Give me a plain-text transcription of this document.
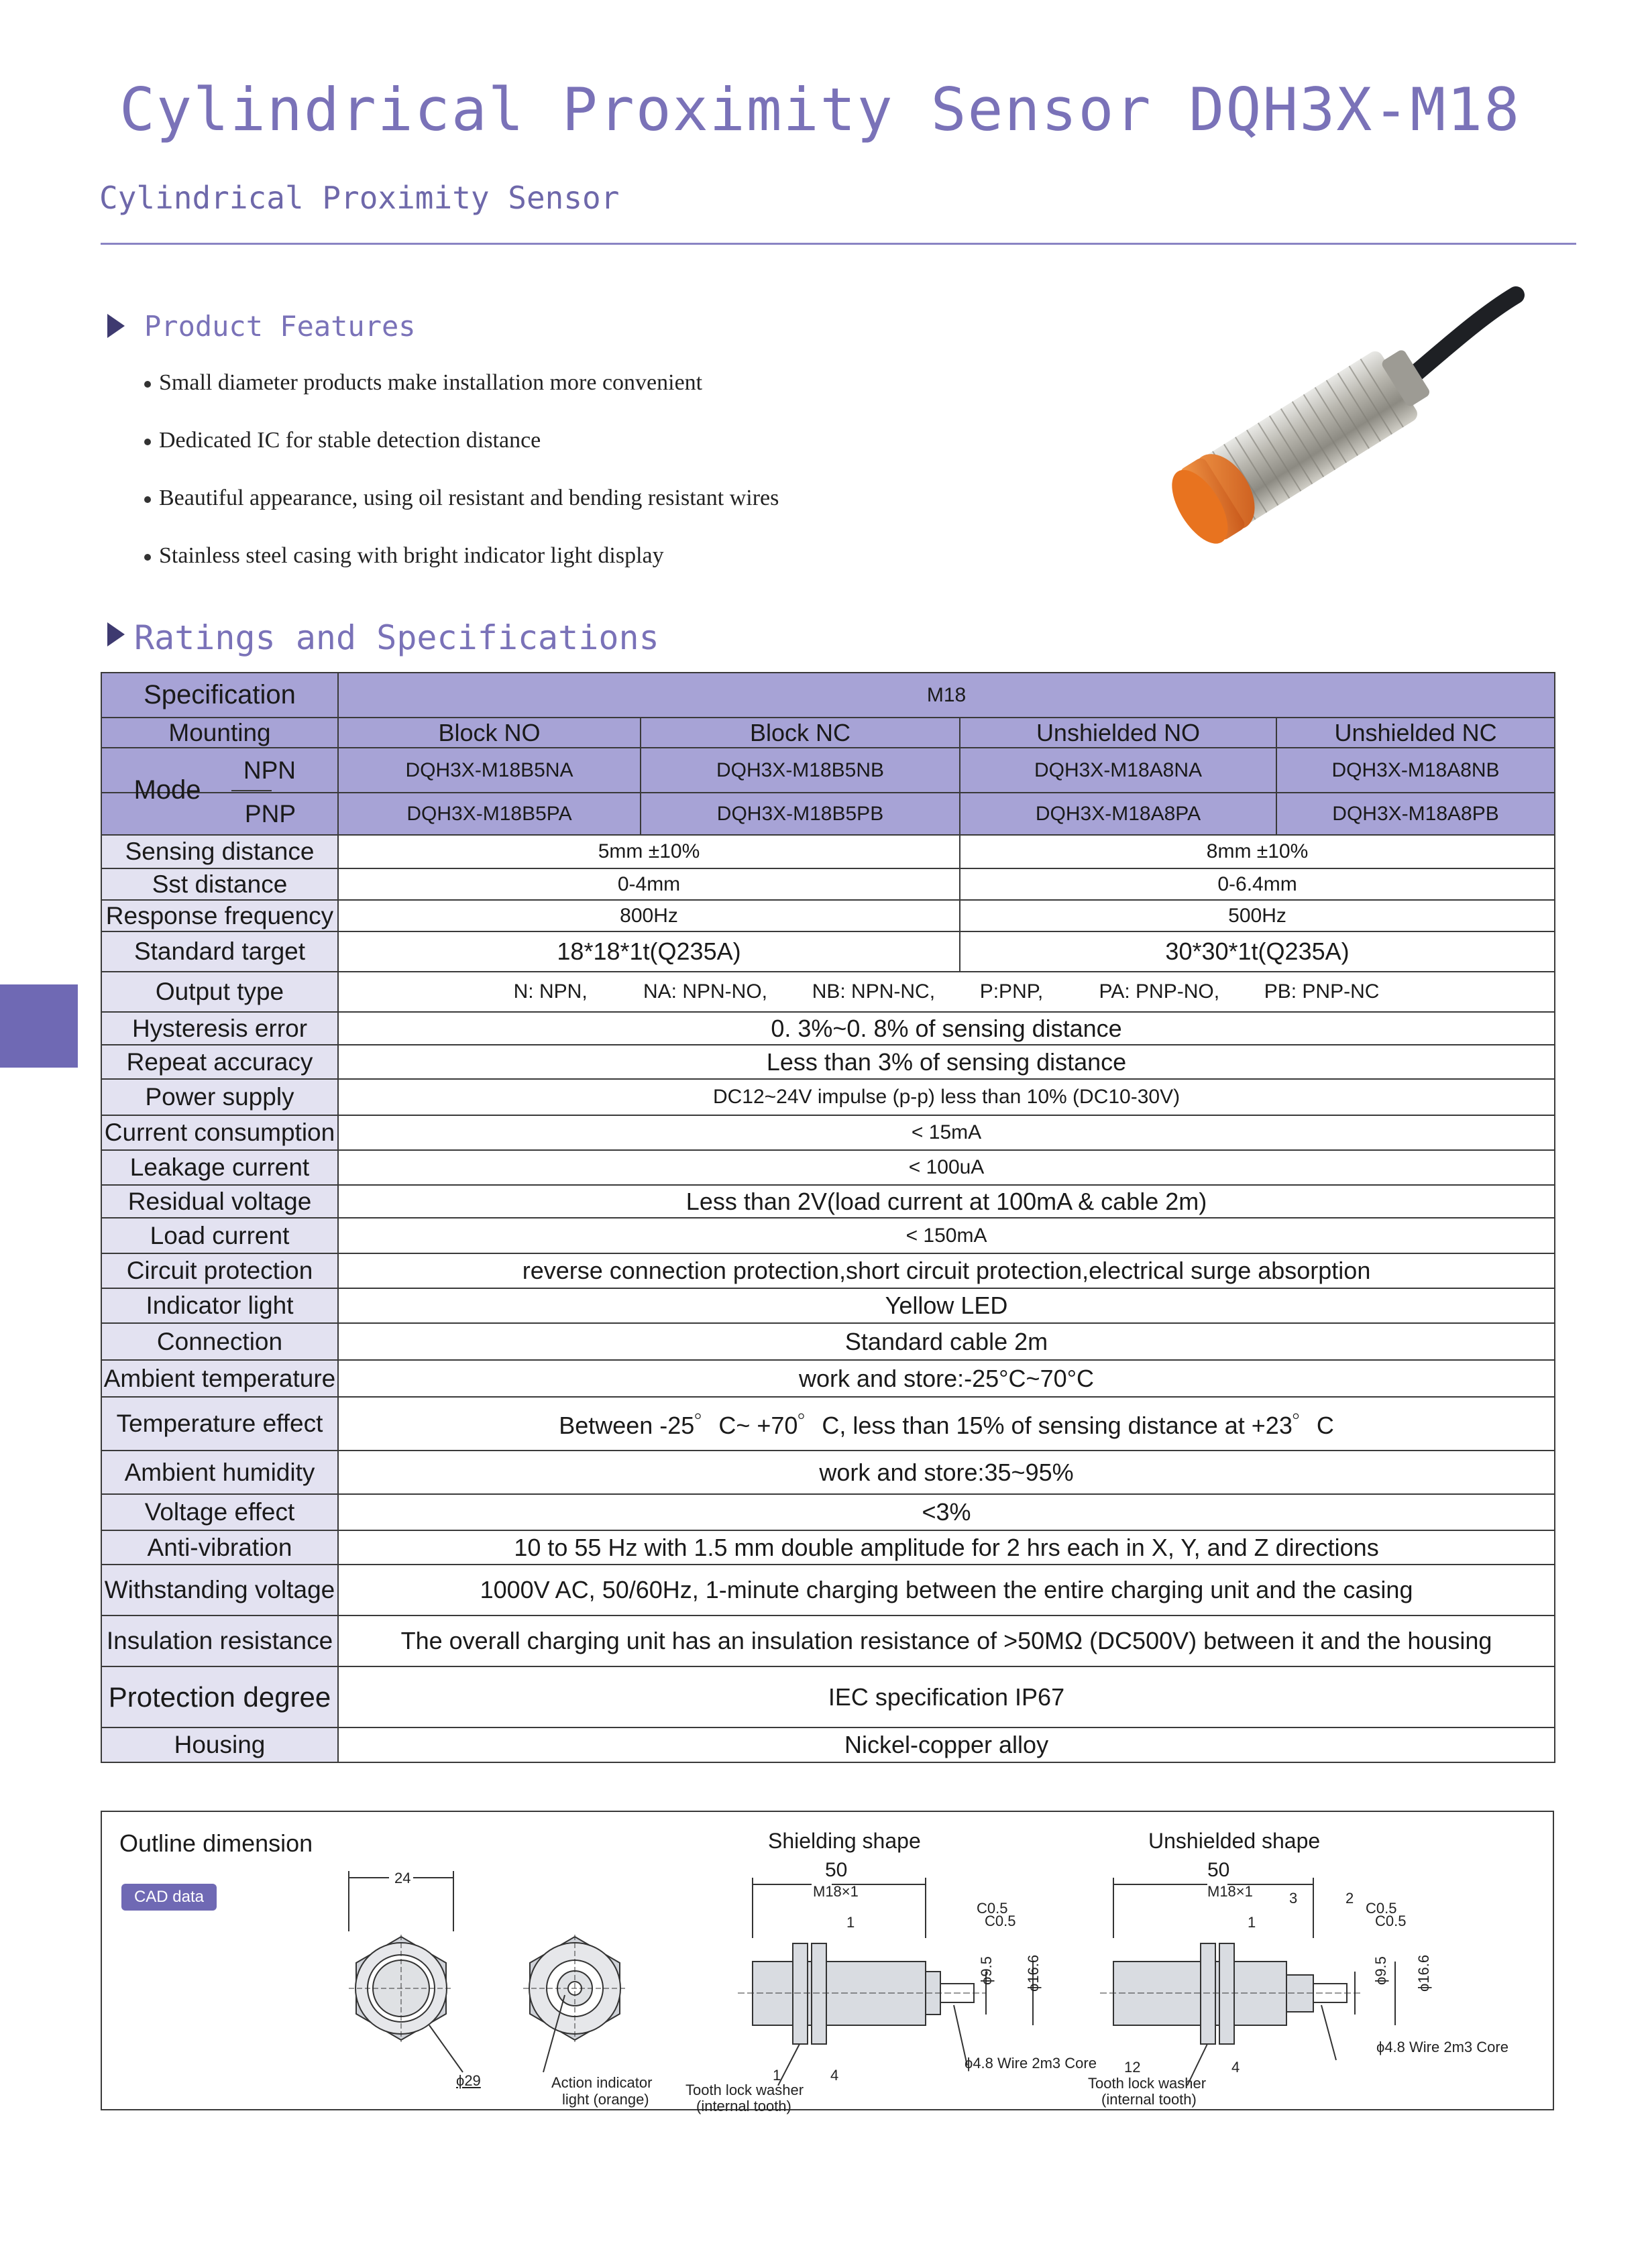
Cylindrical Proximity Sensor DQH3X-M18
Cylindrical Proximity Sensor
Product Features
Small diameter products make installation more convenient
Dedicated IC for stable detection distance
Beautiful appearance, using oil resistant and bending resistant wires
Stainless steel casing with bright indicator light display
Ratings and Specifications
Specification	M18			
Mounting	Block NO	Block NC	Unshielded NO	Unshielded NC
NPN	DQH3X-M18B5NA	DQH3X-M18B5NB	DQH3X-M18A8NA	DQH3X-M18A8NB
PNP	DQH3X-M18B5PA	DQH3X-M18B5PB	DQH3X-M18A8PA	DQH3X-M18A8PB
Sensing distance	5mm ±10%		8mm ±10%	
Sst distance	0-4mm		0-6.4mm	
Response frequency	800Hz		500Hz	
Standard target	18*18*1t(Q235A)		30*30*1t(Q235A)	
Output type	N: NPN,          NA: NPN-NO,        NB: NPN-NC,        P:PNP,          PA: PNP-NO,        PB: PNP-NC			
Hysteresis error	0. 3%~0. 8% of sensing distance			
Repeat accuracy	Less than 3% of sensing distance			
Power supply	DC12~24V impulse (p-p) less than 10% (DC10-30V)			
Current consumption	< 15mA			
Leakage current	< 100uA			
Residual voltage	Less than 2V(load current at 100mA & cable 2m)			
Load current	< 150mA			
Circuit protection	reverse connection protection,short circuit protection,electrical surge absorption			
Indicator light	Yellow LED			
Connection	Standard cable 2m			
Ambient temperature	work and store:-25°C~70°C			
Temperature effect	Between -25゜C~ +70゜C, less than 15% of sensing distance at +23゜C			
Ambient humidity	work and store:35~95%			
Voltage effect	<3%			
Anti-vibration	10 to 55 Hz with 1.5 mm double amplitude for 2 hrs each in X, Y, and Z directions			
Withstanding voltage	1000V AC, 50/60Hz, 1-minute charging between the entire charging unit and the casing			
Insulation resistance	The overall charging unit has an insulation resistance of >50MΩ (DC500V) between it and the housing			
Protection degree	IEC specification IP67			
Housing	Nickel-copper alloy			
Mode
Outline dimension
CAD data
24
ϕ29	Action indicator
light (orange)
Shielding shape
50
M18×1
1
C0.5
C0.5
ϕ9.5 ϕ16.6
ϕ4.8 Wire 2m3 Core
1	4
Tooth lock washer
(internal tooth)
Unshielded shape
50
M18×1 3	2
1
C0.5
C0.5
ϕ9.5 ϕ16.6
ϕ4.8 Wire 2m3 Core
12	4
Tooth lock washer
(internal tooth)
